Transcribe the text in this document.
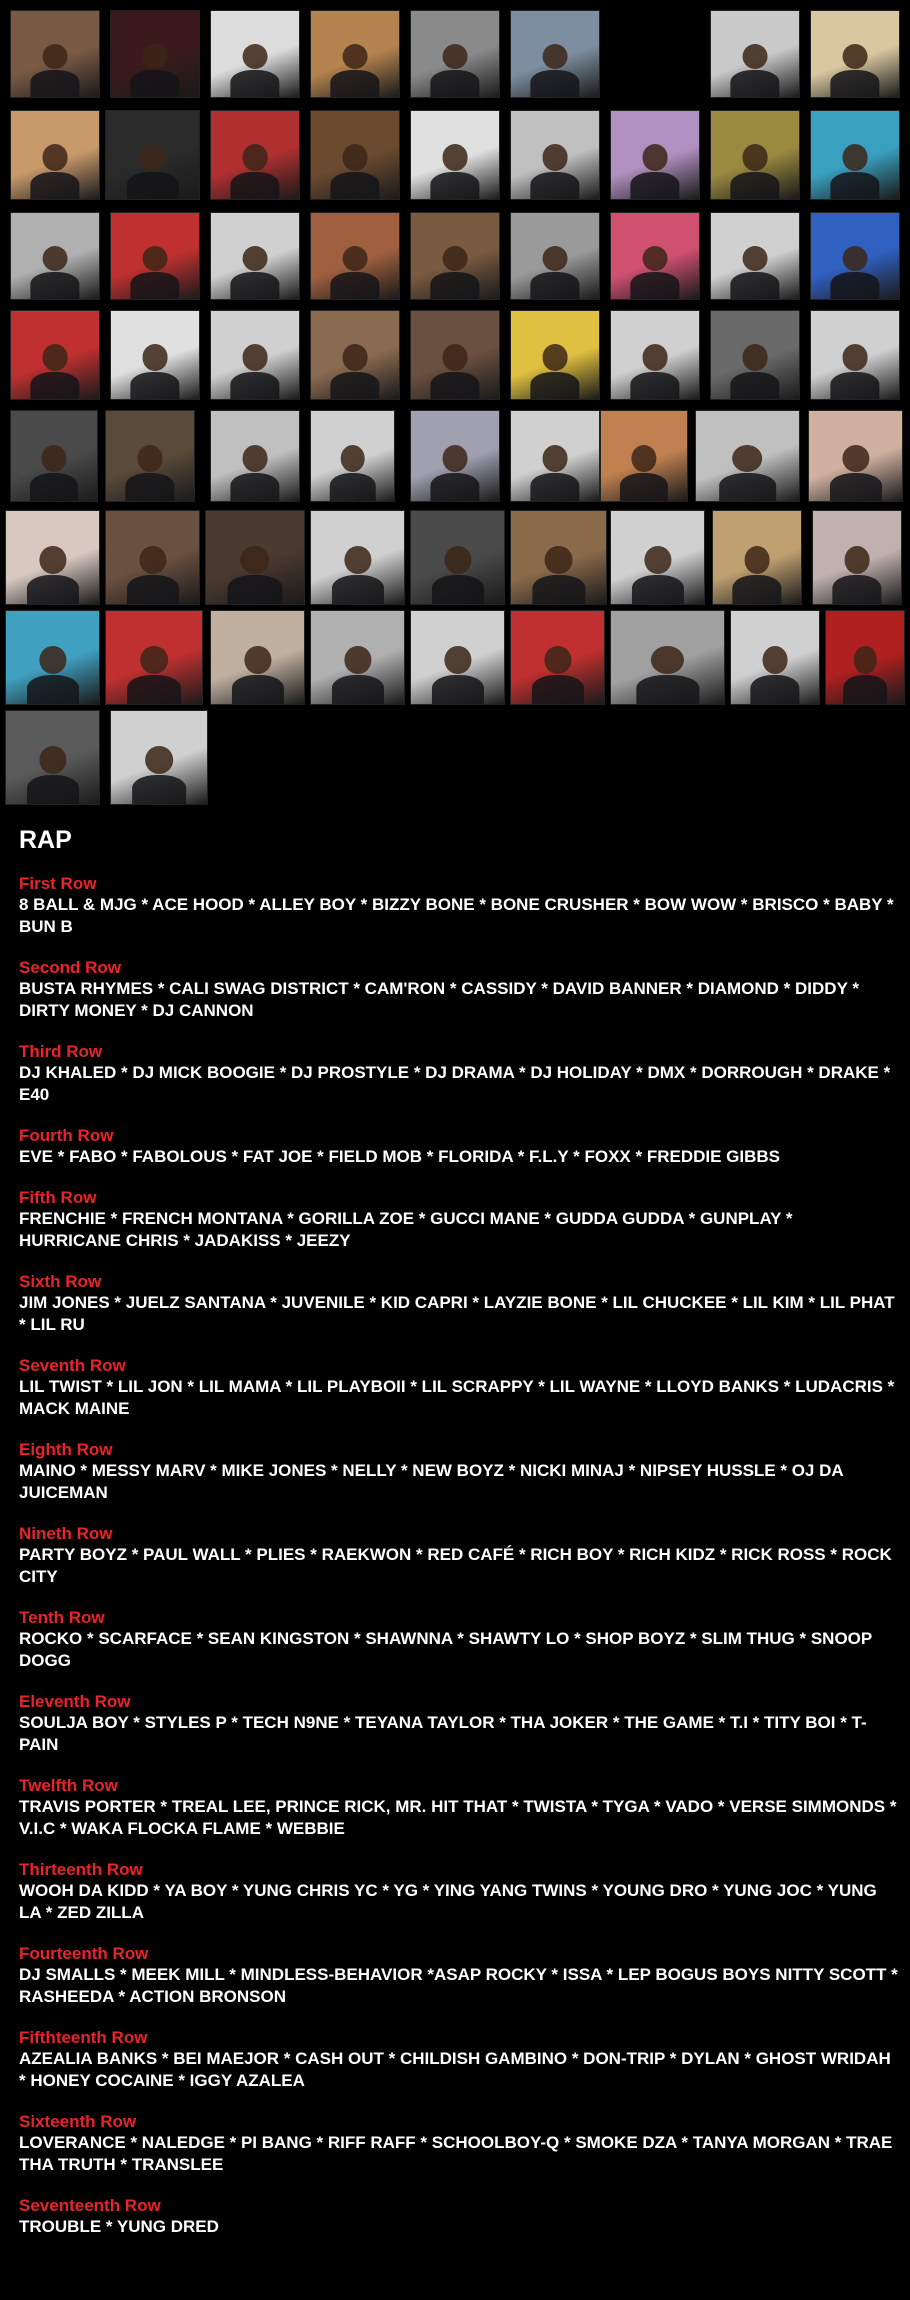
RAP
First Row
8 BALL & MJG * ACE HOOD * ALLEY BOY * BIZZY BONE * BONE CRUSHER * BOW WOW * BRISCO * BABY * BUN B
Second Row
BUSTA RHYMES * CALI SWAG DISTRICT * CAM'RON * CASSIDY * DAVID BANNER * DIAMOND * DIDDY * DIRTY MONEY * DJ CANNON
Third Row
DJ KHALED * DJ MICK BOOGIE * DJ PROSTYLE * DJ DRAMA * DJ HOLIDAY * DMX * DORROUGH * DRAKE * E40
Fourth Row
EVE * FABO * FABOLOUS * FAT JOE * FIELD MOB * FLORIDA * F.L.Y * FOXX * FREDDIE GIBBS
Fifth Row
FRENCHIE * FRENCH MONTANA * GORILLA ZOE * GUCCI MANE * GUDDA GUDDA * GUNPLAY * HURRICANE CHRIS * JADAKISS * JEEZY
Sixth Row
JIM JONES * JUELZ SANTANA * JUVENILE * KID CAPRI * LAYZIE BONE * LIL CHUCKEE * LIL KIM * LIL PHAT * LIL RU
Seventh Row
LIL TWIST * LIL JON * LIL MAMA * LIL PLAYBOII * LIL SCRAPPY * LIL WAYNE * LLOYD BANKS * LUDACRIS * MACK MAINE
Eighth Row
MAINO * MESSY MARV * MIKE JONES * NELLY * NEW BOYZ * NICKI MINAJ * NIPSEY HUSSLE * OJ DA JUICEMAN
Nineth Row
PARTY BOYZ * PAUL WALL * PLIES * RAEKWON * RED CAFÉ * RICH BOY * RICH KIDZ * RICK ROSS * ROCK CITY
Tenth Row
ROCKO * SCARFACE * SEAN KINGSTON * SHAWNNA * SHAWTY LO * SHOP BOYZ * SLIM THUG * SNOOP DOGG
Eleventh Row
SOULJA BOY * STYLES P * TECH N9NE * TEYANA TAYLOR * THA JOKER * THE GAME * T.I * TITY BOI * T-PAIN
Twelfth Row
TRAVIS PORTER * TREAL LEE, PRINCE RICK, MR. HIT THAT * TWISTA * TYGA * VADO * VERSE SIMMONDS * V.I.C * WAKA FLOCKA FLAME * WEBBIE
Thirteenth Row
WOOH DA KIDD * YA BOY * YUNG CHRIS YC * YG * YING YANG TWINS * YOUNG DRO * YUNG JOC * YUNG LA * ZED ZILLA
Fourteenth Row
DJ SMALLS * MEEK MILL * MINDLESS-BEHAVIOR *ASAP ROCKY * ISSA * LEP BOGUS BOYS NITTY SCOTT * RASHEEDA * ACTION BRONSON
Fifthteenth Row
AZEALIA BANKS * BEI MAEJOR * CASH OUT * CHILDISH GAMBINO * DON-TRIP * DYLAN * GHOST WRIDAH * HONEY COCAINE * IGGY AZALEA
Sixteenth Row
LOVERANCE * NALEDGE * PI BANG * RIFF RAFF * SCHOOLBOY-Q * SMOKE DZA * TANYA MORGAN * TRAE THA TRUTH * TRANSLEE
Seventeenth Row
TROUBLE * YUNG DRED
